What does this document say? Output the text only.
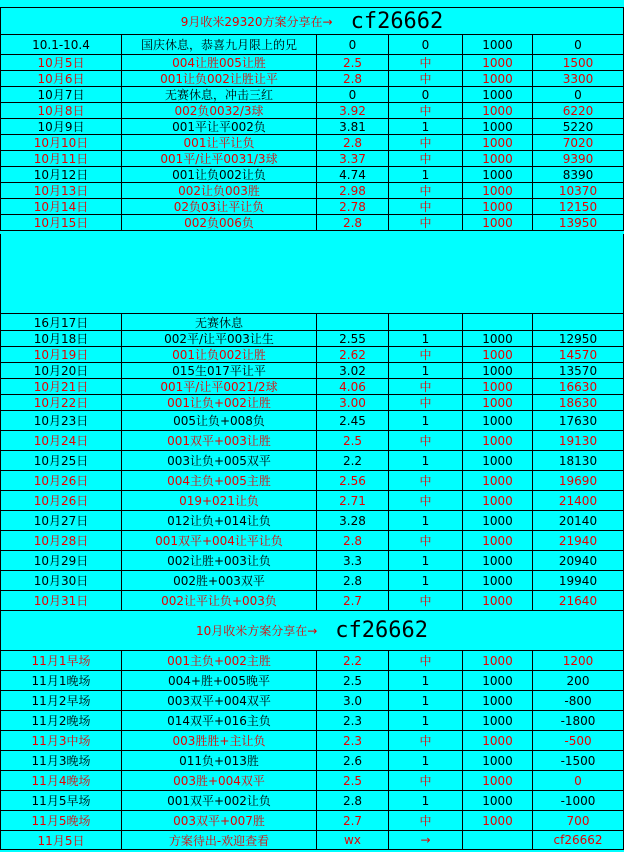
9月收米29320方案分享在→ cf26662
10.1-10.4	国庆休息，恭喜九月限上的兄	0	0	1000	0
10月5日	004让胜005让胜	2.5	中	1000	1500
10月6日	001让负002让胜让平	2.8	中	1000	3300
10月7日	无赛休息，冲击三红	0	0	1000	0
10月8日	002负0032/3球	3.92	中	1000	6220
10月9日	001平让平002负	3.81	1	1000	5220
10月10日	001让平让负	2.8	中	1000	7020
10月11日	001平/让平0031/3球	3.37	中	1000	9390
10月12日	001让负002让负	4.74	1	1000	8390
10月13日	002让负003胜	2.98	中	1000	10370
10月14日	02负03让平让负	2.78	中	1000	12150
10月15日	002负006负	2.8	中	1000	13950
16月17日	无赛休息
10月18日	002平/让平003让生	2.55	1	1000	12950
10月19日	001让负002让胜	2.62	中	1000	14570
10月20日	015生017平让平	3.02	1	1000	13570
10月21日	001平/让平0021/2球	4.06	中	1000	16630
10月22日	001让负+002让胜	3.00	中	1000	18630
10月23日	005让负+008负	2.45	1	1000	17630
10月24日	001双平+003让胜	2.5	中	1000	19130
10月25日	003让负+005双平	2.2	1	1000	18130
10月26日	004主负+005主胜	2.56	中	1000	19690
10月26日	019+021让负	2.71	中	1000	21400
10月27日	012让负+014让负	3.28	1	1000	20140
10月28日	001双平+004让平让负	2.8	中	1000	21940
10月29日	002让胜+003让负	3.3	1	1000	20940
10月30日	002胜+003双平	2.8	1	1000	19940
10月31日	002让平让负+003负	2.7	中	1000	21640
10月收米方案分享在→ cf26662
11月1早场	001主负+002主胜	2.2	中	1000	1200
11月1晚场	004+胜+005晚平	2.5	1	1000	200
11月2早场	003双平+004双平	3.0	1	1000	-800
11月2晚场	014双平+016主负	2.3	1	1000	-1800
11月3中场	003胜胜+主让负	2.3	中	1000	-500
11月3晚场	011负+013胜	2.6	1	1000	-1500
11月4晚场	003胜+004双平	2.5	中	1000	0
11月5早场	001双平+002让负	2.8	1	1000	-1000
11月5晚场	003双平+007胜	2.7	中	1000	700
11月5日	方案待出-欢迎查看	wx	→	cf26662
